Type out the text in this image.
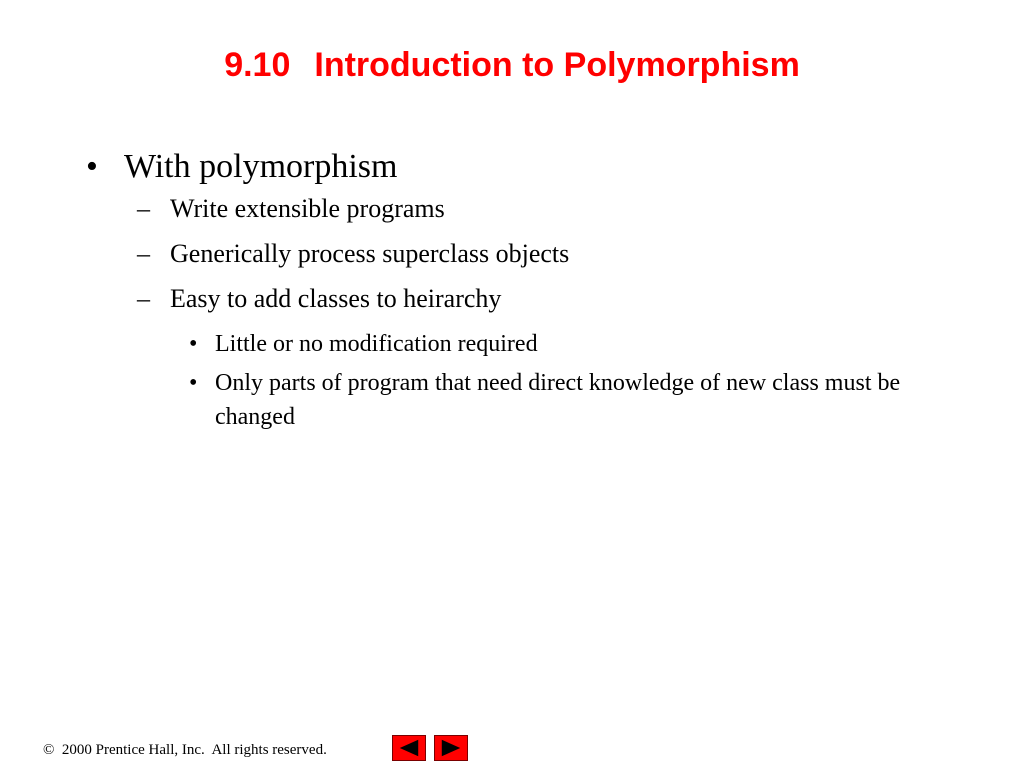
9.10 Introduction to Polymorphism
• With polymorphism
– Write extensible programs
– Generically process superclass objects
– Easy to add classes to heirarchy
• Little or no modification required
• Only parts of program that need direct knowledge of new class must be changed
©  2000 Prentice Hall, Inc.  All rights reserved.
